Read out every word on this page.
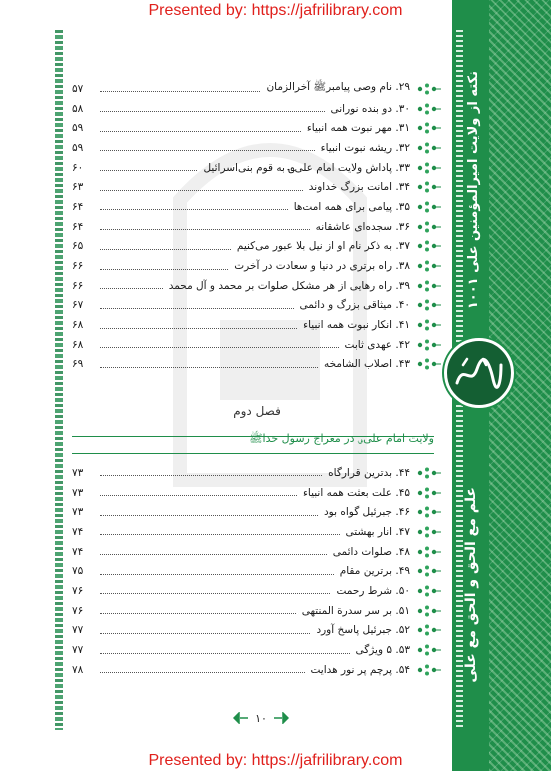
Presented by: https://jafrilibrary.com
۱۰۰۱ نکته از ولایت امیرالمؤمنین علی
علم مع الحق و الحق مع علی
۲۹. نام وصی پیامبرﷺ آخرالزمان
۵۷
۳۰. دو بنده نورانی
۵۸
۳۱. مهر نبوت همه انبیاء
۵۹
۳۲. ریشه نبوت انبیاء
۵۹
۳۳. پاداش ولایت امام علی؈ به قوم بنی‌اسرائیل
۶۰
۳۴. امانت بزرگ خداوند
۶۳
۳۵. پیامی برای همه امت‌ها
۶۴
۳۶. سجده‌ای عاشقانه
۶۴
۳۷. به ذکر نام او از نیل بلا عبور می‌کنیم
۶۵
۳۸. راه برتری در دنیا و سعادت در آخرت
۶۶
۳۹. راه رهایی از هر مشکل صلوات بر محمد و آل محمد
۶۶
۴۰. میثاقی بزرگ و دائمی
۶۷
۴۱. انکار نبوت همه انبیاء
۶۸
۴۲. عهدی ثابت
۶۸
۴۳. اصلاب الشامخه
۶۹
فصل دوم
ولایت امام علی؈ در معراج رسول خداﷺ
۴۴. بدترین قرارگاه
۷۳
۴۵. علت بعثت همه انبیاء
۷۳
۴۶. جبرئیل گواه بود
۷۳
۴۷. انار بهشتی
۷۴
۴۸. صلوات دائمی
۷۴
۴۹. برترین مقام
۷۵
۵۰. شرط رحمت
۷۶
۵۱. بر سر سدرة المنتهی
۷۶
۵۲. جبرئیل پاسخ آورد
۷۷
۵۳. ۵ ویژگی
۷۷
۵۴. پرچم پر نور هدایت
۷۸
۱۰
Presented by: https://jafrilibrary.com
